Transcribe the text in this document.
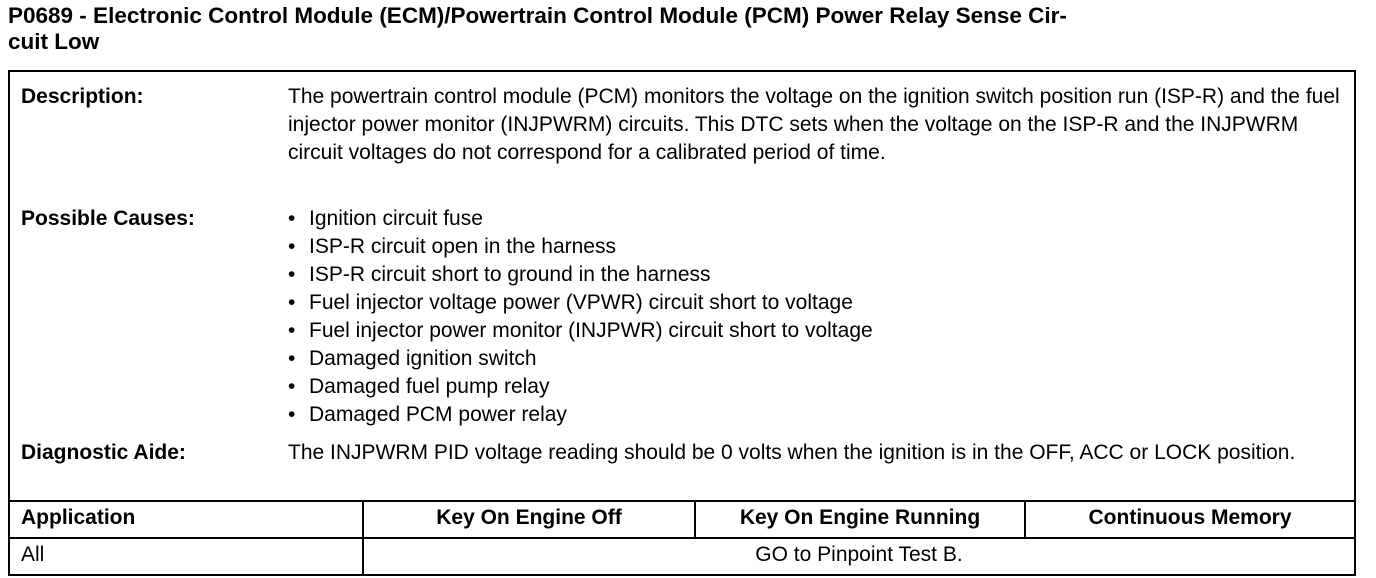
P0689 - Electronic Control Module (ECM)/Powertrain Control Module (PCM) Power Relay Sense Cir-
cuit Low
Description:	The powertrain control module (PCM) monitors the voltage on the ignition switch position run (ISP-R) and the fuel injector power monitor (INJPWRM) circuits. This DTC sets when the voltage on the ISP-R and the INJPWRM circuit voltages do not correspond for a calibrated period of time.
Possible Causes:
•	Ignition circuit fuse
• ISP-R circuit open in the harness
• ISP-R circuit short to ground in the harness
• Fuel injector voltage power (VPWR) circuit short to voltage
• Fuel injector power monitor (INJPWR) circuit short to voltage
• Damaged ignition switch
• Damaged fuel pump relay
• Damaged PCM power relay
Diagnostic Aide:	The INJPWRM PID voltage reading should be 0 volts when the ignition is in the OFF, ACC or LOCK position.
Application	Key On Engine Off	Key On Engine Running	Continuous Memory
All	GO to Pinpoint Test B.
